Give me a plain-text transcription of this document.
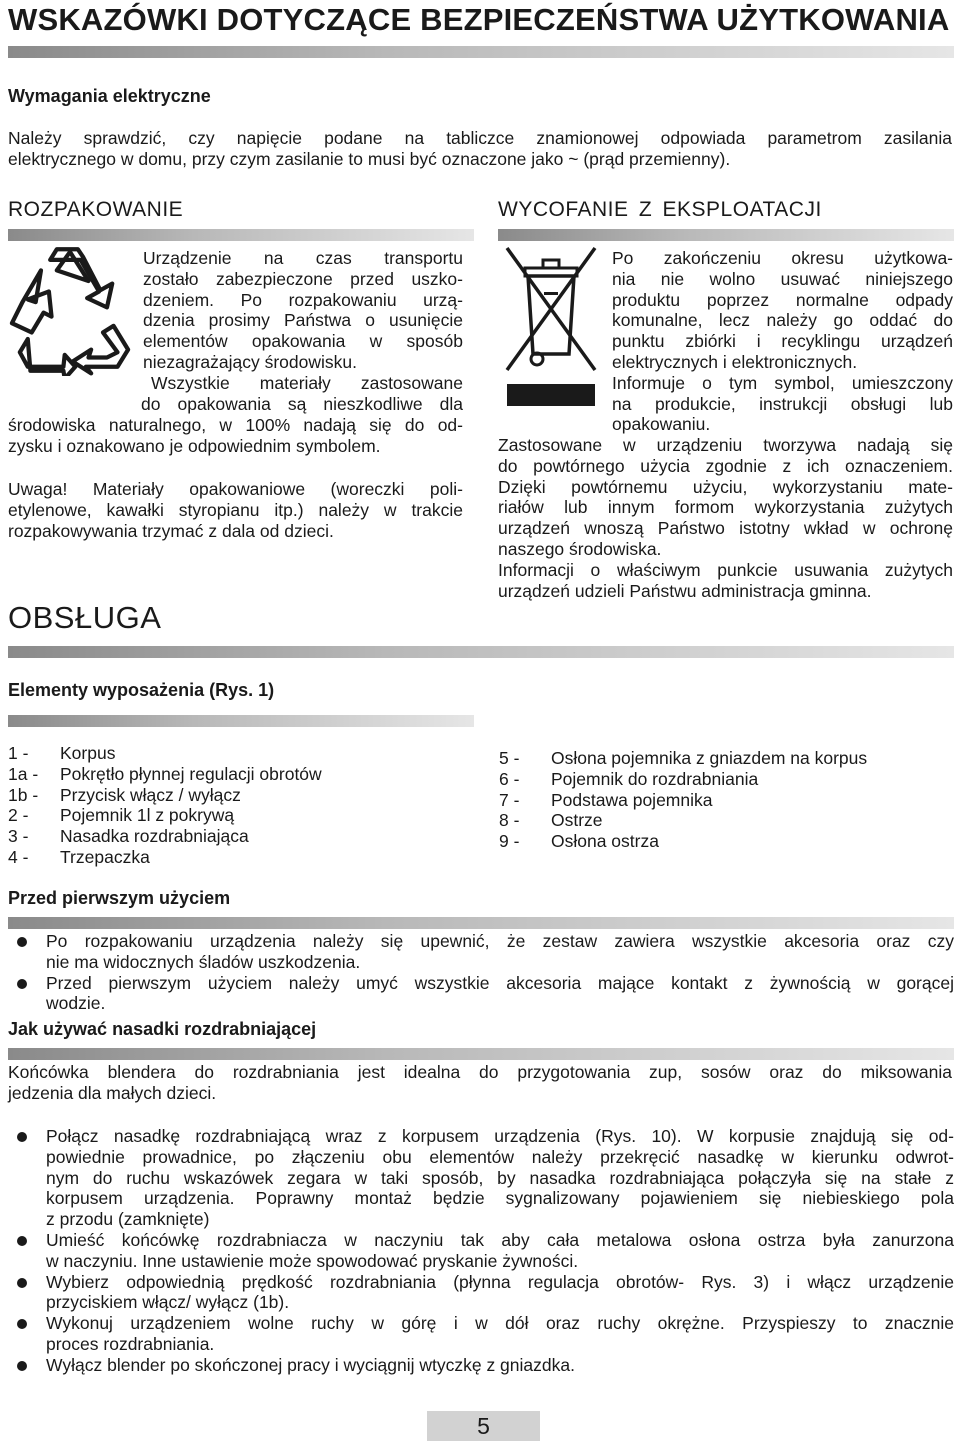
WSKAZÓWKI DOTYCZĄCE BEZPIECZEŃSTWA UŻYTKOWANIA
Wymagania elektryczne
Należy sprawdzić, czy napięcie podane na tabliczce znamionowej odpowiada parametrom zasilania
elektrycznego w domu, przy czym zasilanie to musi być oznaczone jako ~ (prąd przemienny).
ROZPAKOWANIE
Urządzenie na czas transportu
zostało zabezpieczone przed uszko-
dzeniem. Po rozpakowaniu urzą-
dzenia prosimy Państwa o usunięcie
elementów opakowania w sposób
niezagrażający środowisku.
Wszystkie materiały zastosowane
do opakowania są nieszkodliwe dla
środowiska naturalnego, w 100% nadają się do od-
zysku i oznakowano je odpowiednim symbolem.
Uwaga! Materiały opakowaniowe (woreczki poli-
etylenowe, kawałki styropianu itp.) należy w trakcie
rozpakowywania trzymać z dala od dzieci.
WYCOFANIE Z EKSPLOATACJI
Po zakończeniu okresu użytkowa-
nia nie wolno usuwać niniejszego
produktu poprzez normalne odpady
komunalne, lecz należy go oddać do
punktu zbiórki i recyklingu urządzeń
elektrycznych i elektronicznych.
Informuje o tym symbol, umieszczony
na produkcie, instrukcji obsługi lub
opakowaniu.
Zastosowane w urządzeniu tworzywa nadają się
do powtórnego użycia zgodnie z ich oznaczeniem.
Dzięki powtórnemu użyciu, wykorzystaniu mate-
riałów lub innym formom wykorzystania zużytych
urządzeń wnoszą Państwo istotny wkład w ochronę
naszego środowiska.
Informacji o właściwym punkcie usuwania zużytych
urządzeń udzieli Państwu administracja gminna.
OBSŁUGA
Elementy wyposażenia (Rys. 1)
1 -	Korpus
1a -	Pokrętło płynnej regulacji obrotów
1b -	Przycisk włącz / wyłącz
2 -	Pojemnik 1l z pokrywą
3 -	Nasadka rozdrabniająca
4 -	Trzepaczka
5 -	Osłona pojemnika z gniazdem na korpus
6 -	Pojemnik do rozdrabniania
7 -	Podstawa pojemnika
8 -	Ostrze
9 -	Osłona ostrza
Przed pierwszym użyciem
Po rozpakowaniu urządzenia należy się upewnić, że zestaw zawiera wszystkie akcesoria oraz czy
nie ma widocznych śladów uszkodzenia.
Przed pierwszym użyciem należy umyć wszystkie akcesoria mające kontakt z żywnością w gorącej
wodzie.
Jak używać nasadki rozdrabniającej
Końcówka blendera do rozdrabniania jest idealna do przygotowania zup, sosów oraz do miksowania
jedzenia dla małych dzieci.
Połącz nasadkę rozdrabniającą wraz z korpusem urządzenia (Rys. 10). W korpusie znajdują się od-
powiednie prowadnice, po złączeniu obu elementów należy przekręcić nasadkę w kierunku odwrot-
nym do ruchu wskazówek zegara w taki sposób, by nasadka rozdrabniająca połączyła się na stałe z
korpusem urządzenia. Poprawny montaż będzie sygnalizowany pojawieniem się niebieskiego pola
z przodu (zamknięte)
Umieść końcówkę rozdrabniacza w naczyniu tak aby cała metalowa osłona ostrza była zanurzona
w naczyniu. Inne ustawienie może spowodować pryskanie żywności.
Wybierz odpowiednią prędkość rozdrabniania (płynna regulacja obrotów- Rys. 3) i włącz urządzenie
przyciskiem włącz/ wyłącz (1b).
Wykonuj urządzeniem wolne ruchy w górę i w dół oraz ruchy okrężne. Przyspieszy to znacznie
proces rozdrabniania.
Wyłącz blender po skończonej pracy i wyciągnij wtyczkę z gniazdka.
5
